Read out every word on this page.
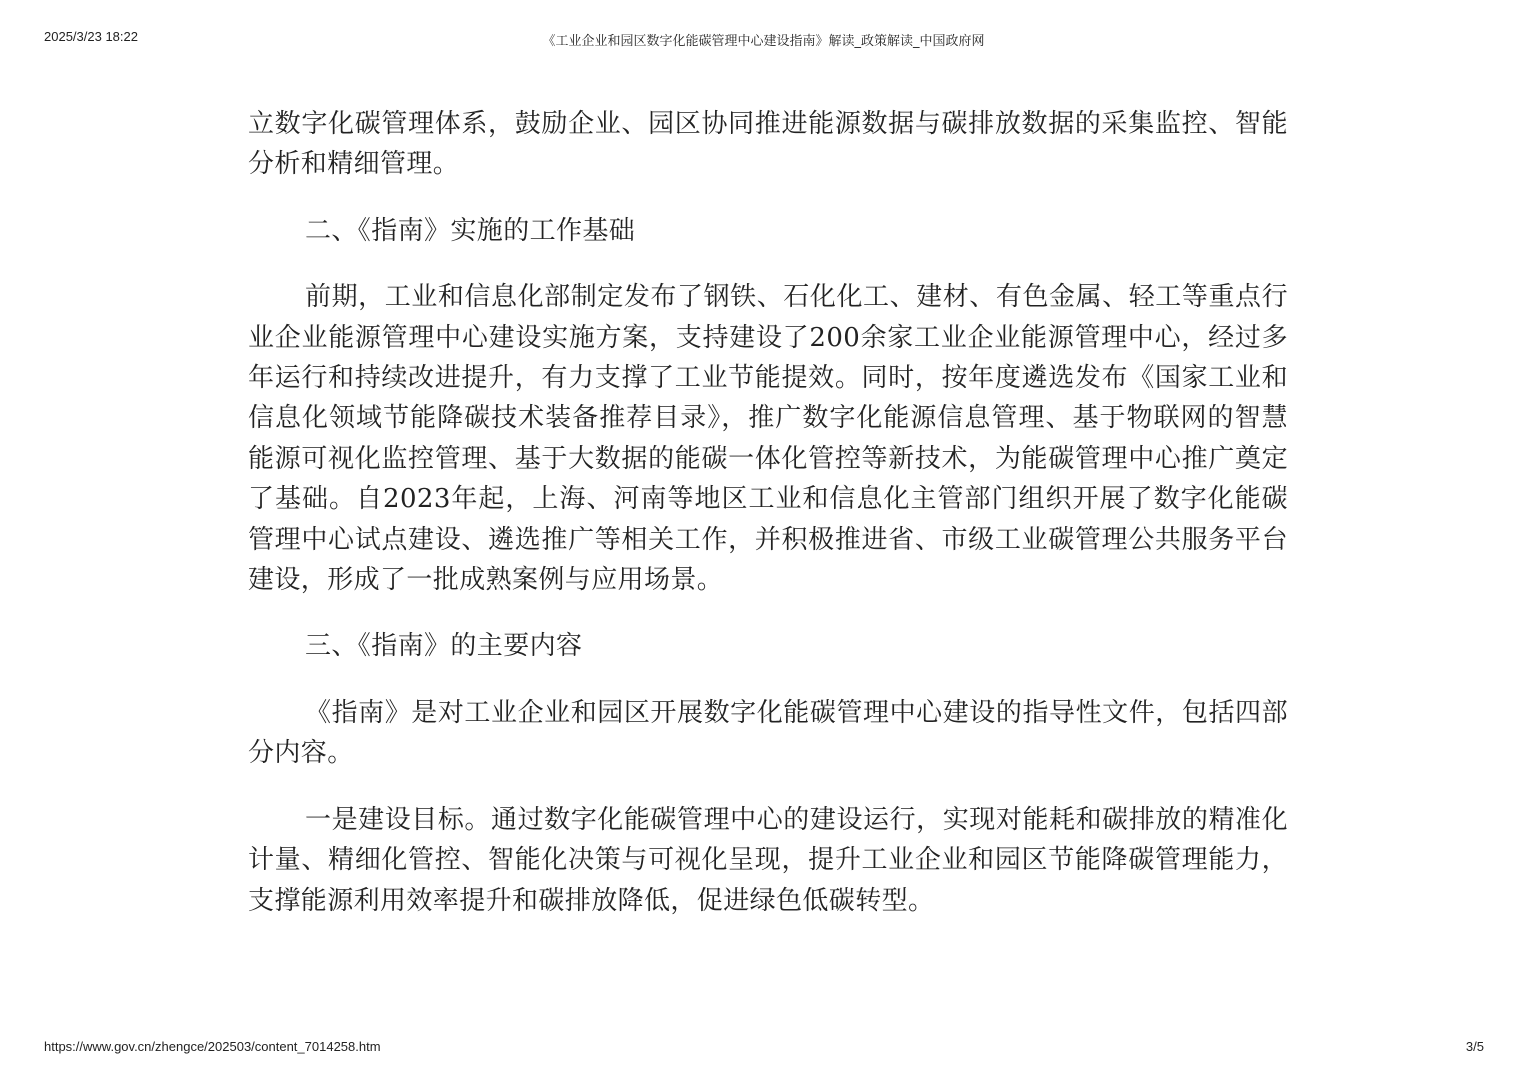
2025/3/23 18:22	《工业企业和园区数字化能碳管理中心建设指南》解读_政策解读_中国政府网

立数字化碳管理体系，鼓励企业、园区协同推进能源数据与碳排放数据的采集监控、智能分析和精细管理。

二、《指南》实施的工作基础

前期，工业和信息化部制定发布了钢铁、石化化工、建材、有色金属、轻工等重点行业企业能源管理中心建设实施方案，支持建设了200余家工业企业能源管理中心，经过多年运行和持续改进提升，有力支撑了工业节能提效。同时，按年度遴选发布《国家工业和信息化领域节能降碳技术装备推荐目录》，推广数字化能源信息管理、基于物联网的智慧能源可视化监控管理、基于大数据的能碳一体化管控等新技术，为能碳管理中心推广奠定了基础。自2023年起，上海、河南等地区工业和信息化主管部门组织开展了数字化能碳管理中心试点建设、遴选推广等相关工作，并积极推进省、市级工业碳管理公共服务平台建设，形成了一批成熟案例与应用场景。

三、《指南》的主要内容

《指南》是对工业企业和园区开展数字化能碳管理中心建设的指导性文件，包括四部分内容。

一是建设目标。通过数字化能碳管理中心的建设运行，实现对能耗和碳排放的精准化计量、精细化管控、智能化决策与可视化呈现，提升工业企业和园区节能降碳管理能力，支撑能源利用效率提升和碳排放降低，促进绿色低碳转型。

https://www.gov.cn/zhengce/202503/content_7014258.htm	3/5
